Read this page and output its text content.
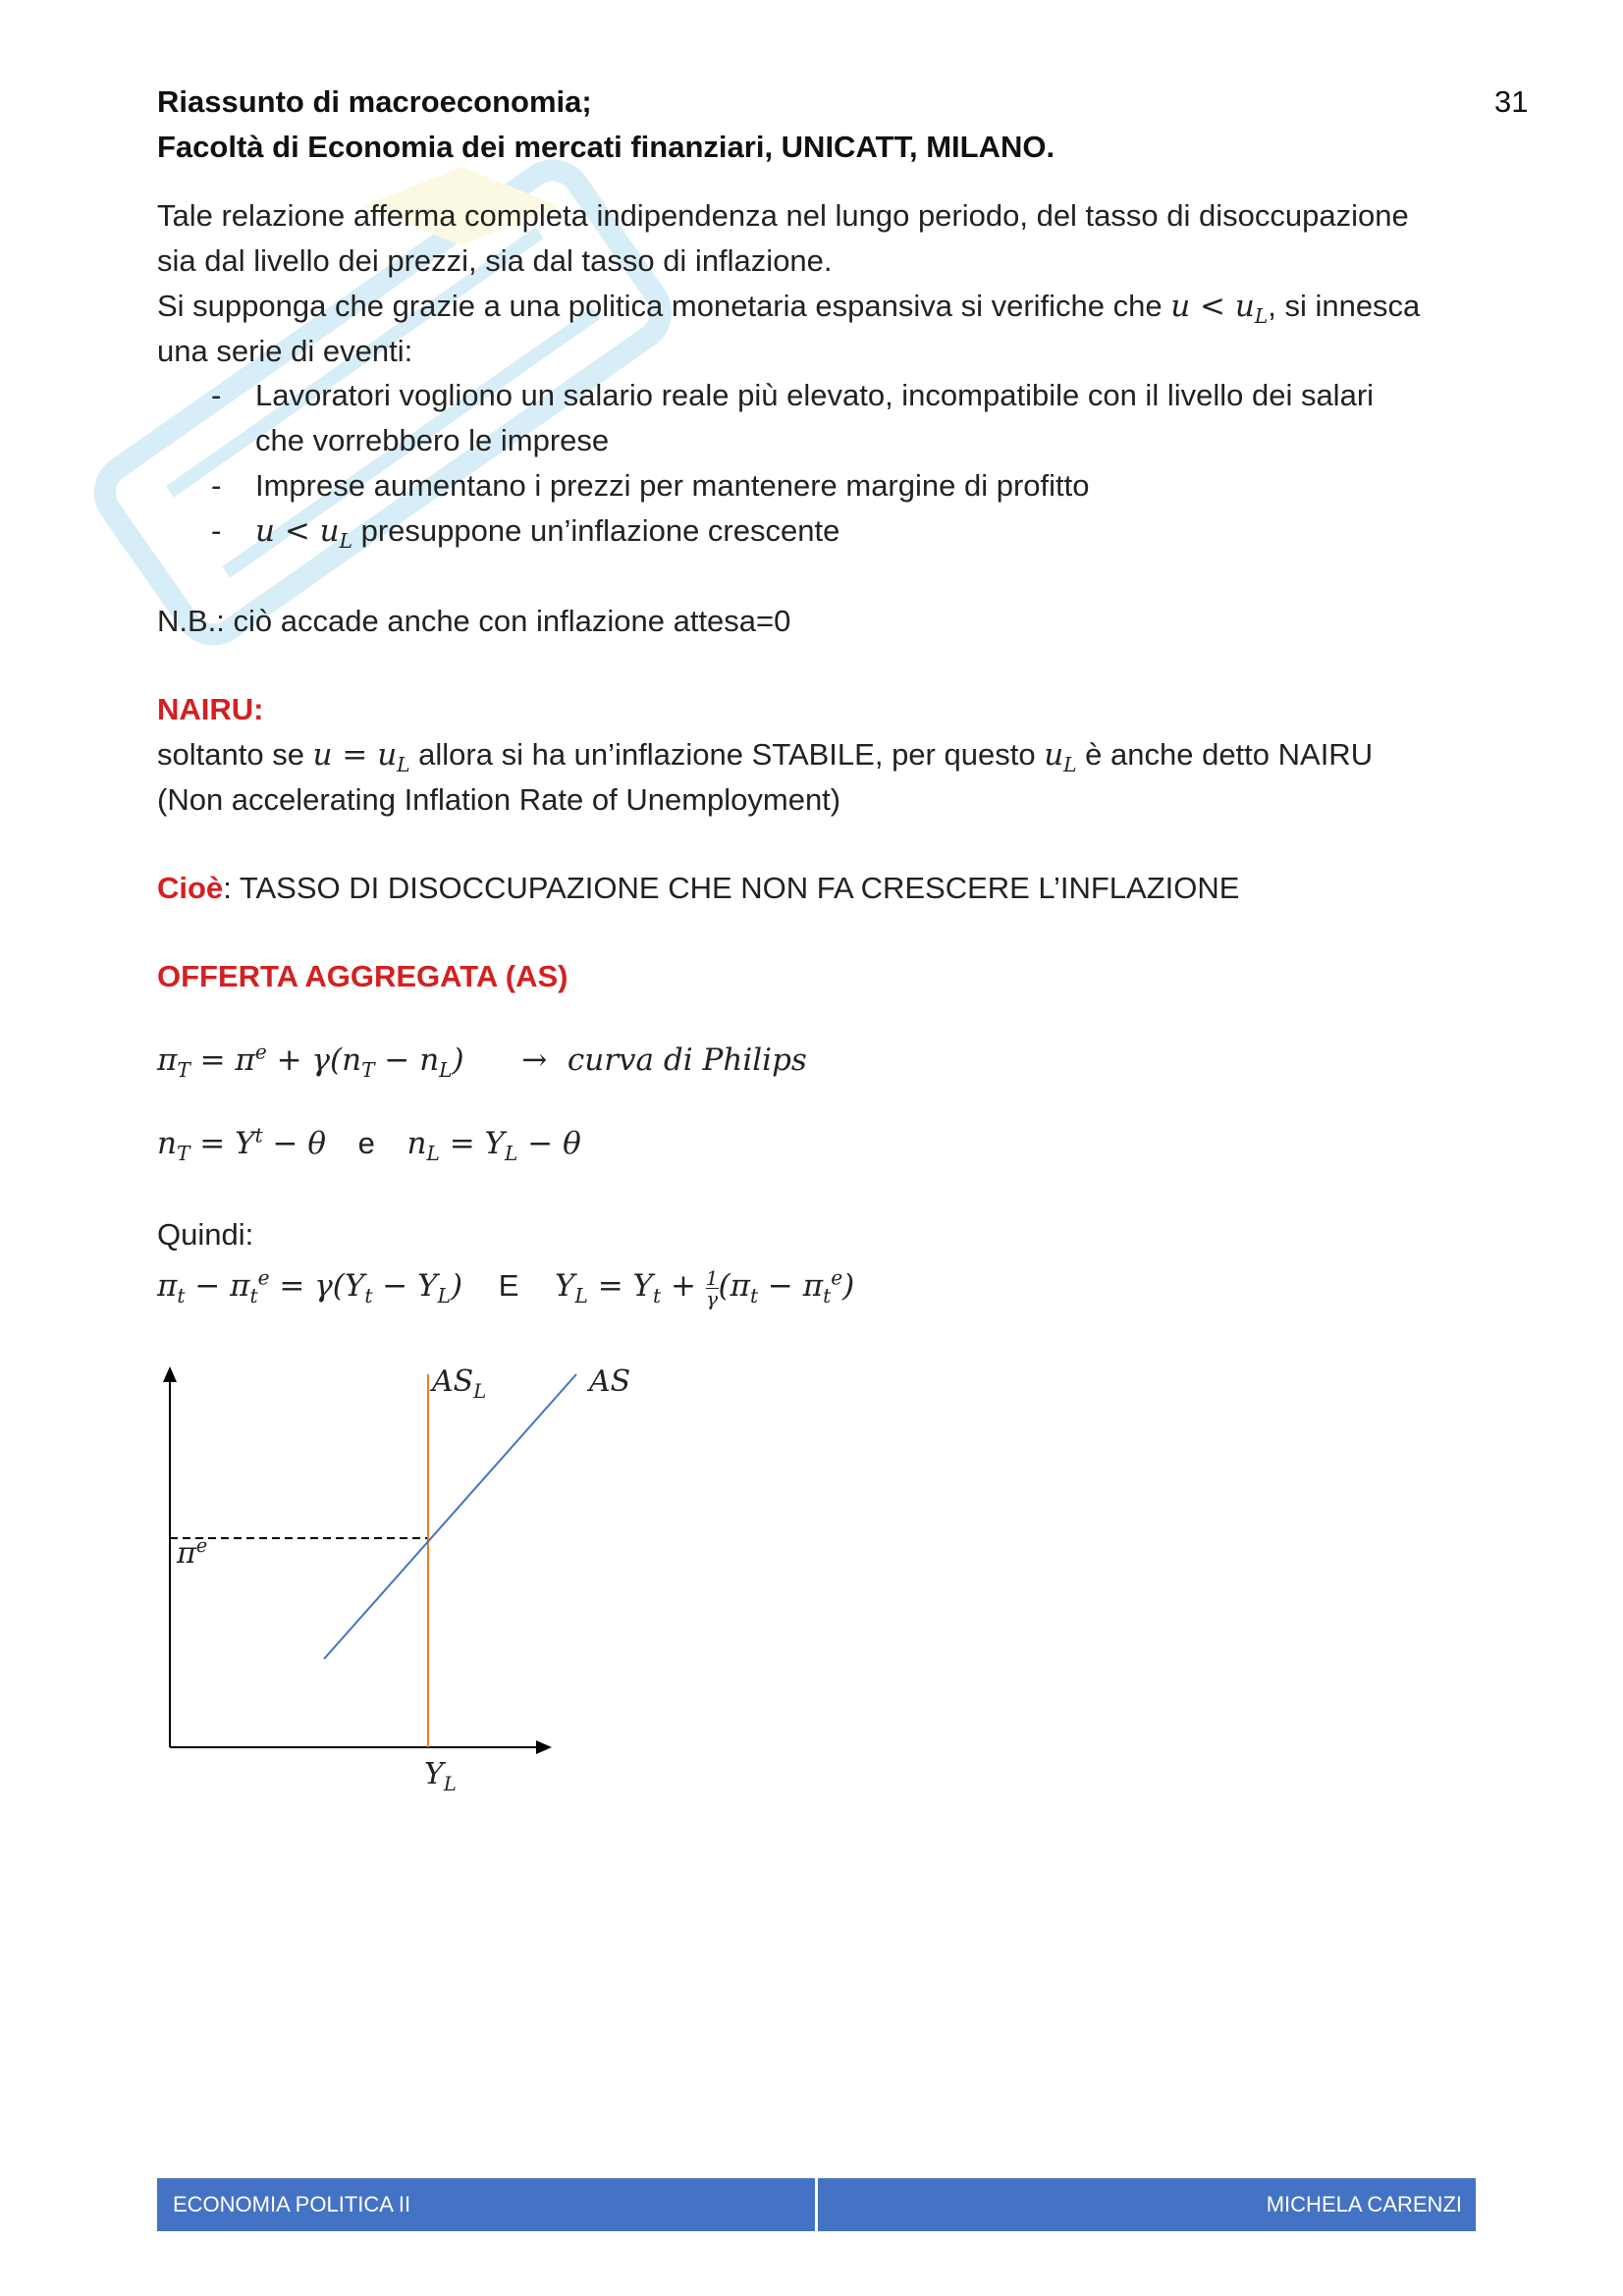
Riassunto di macroeconomia;
Facoltà di Economia dei mercati finanziari, UNICATT, MILANO.
31
Tale relazione afferma completa indipendenza nel lungo periodo, del tasso di disoccupazione
sia dal livello dei prezzi, sia dal tasso di inflazione.
Si supponga che grazie a una politica monetaria espansiva si verifiche che $u < u_L$, si innesca
una serie di eventi:
- Lavoratori vogliono un salario reale più elevato, incompatibile con il livello dei salari
che vorrebbero le imprese
- Imprese aumentano i prezzi per mantenere margine di profitto
- $u < u_L$ presuppone un’inflazione crescente
N.B.: ciò accade anche con inflazione attesa=0
NAIRU:
soltanto se $u = u_L$ allora si ha un’inflazione STABILE, per questo $u_L$ è anche detto NAIRU
(Non accelerating Inflation Rate of Unemployment)
Cioè: TASSO DI DISOCCUPAZIONE CHE NON FA CRESCERE L’INFLAZIONE
OFFERTA AGGREGATA (AS)
$\pi_T = \pi^e + \gamma(n_T - n_L)$ → curva di Philips
$n_T = Y^t - \theta$ e $n_L = Y_L - \theta$
Quindi:
$\pi_t - \pi_t^e = \gamma(Y_t - Y_L)$ E $Y_L = Y_t + \frac{1}{\gamma} (\pi_t - \pi_t^e)$
$AS_L$	AS
$\pi^e$
$Y_L$
ECONOMIA POLITICA II	MICHELA CARENZI
